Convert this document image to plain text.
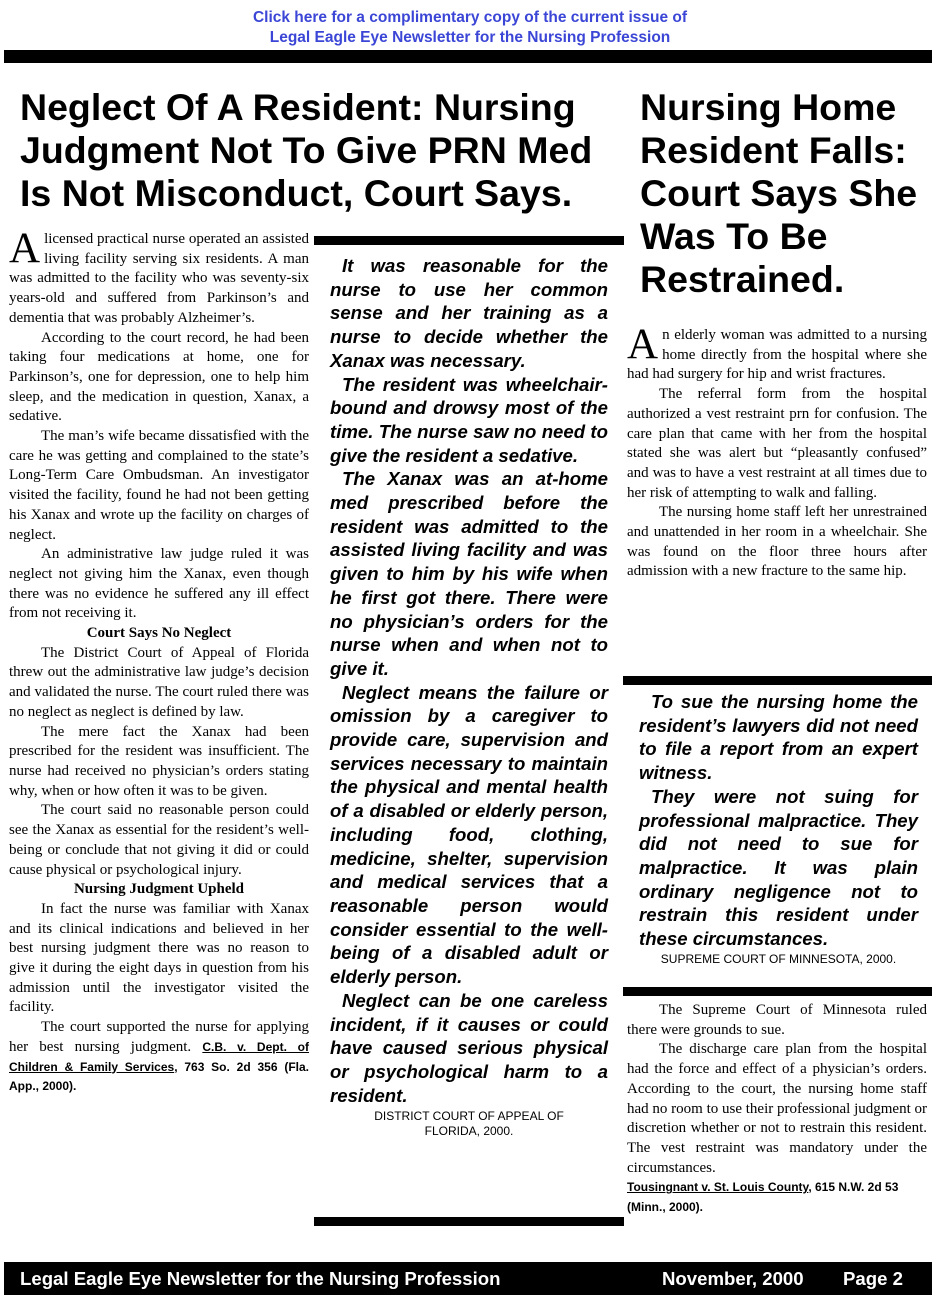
Click here for a complimentary copy of the current issue of
Legal Eagle Eye Newsletter for the Nursing Profession
Neglect Of A Resident: Nursing Judgment Not To Give PRN Med Is Not Misconduct, Court Says.
Nursing Home Resident Falls: Court Says She Was To Be Restrained.

Alicensed practical nurse operated an assisted living facility serving six residents. A man was admitted to the facility who was seventy-six years-old and suffered from Parkinson’s and dementia that was probably Alzheimer’s.

According to the court record, he had been taking four medications at home, one for Parkinson’s, one for depression, one to help him sleep, and the medication in question, Xanax, a sedative.

The man’s wife became dissatisfied with the care he was getting and complained to the state’s Long-Term Care Ombudsman. An investigator visited the facility, found he had not been getting his Xanax and wrote up the facility on charges of neglect.

An administrative law judge ruled it was neglect not giving him the Xanax, even though there was no evidence he suffered any ill effect from not receiving it.

Court Says No Neglect

The District Court of Appeal of Florida threw out the administrative law judge’s decision and validated the nurse. The court ruled there was no neglect as neglect is defined by law.

The mere fact the Xanax had been prescribed for the resident was insufficient. The nurse had received no physician’s orders stating why, when or how often it was to be given.

The court said no reasonable person could see the Xanax as essential for the resident’s well-being or conclude that not giving it did or could cause physical or psychological injury.

Nursing Judgment Upheld

In fact the nurse was familiar with Xanax and its clinical indications and believed in her best nursing judgment there was no reason to give it during the eight days in question from his admission until the investigator visited the facility.

The court supported the nurse for applying her best nursing judgment. C.B. v. Dept. of Children & Family Services, 763 So. 2d 356 (Fla. App., 2000).

It was reasonable for the nurse to use her common sense and her training as a nurse to decide whether the Xanax was necessary.

The resident was wheelchair-bound and drowsy most of the time. The nurse saw no need to give the resident a sedative.

The Xanax was an at-home med prescribed before the resident was admitted to the assisted living facility and was given to him by his wife when he first got there. There were no physician’s orders for the nurse when and when not to give it.

Neglect means the failure or omission by a caregiver to provide care, supervision and services necessary to maintain the physical and mental health of a disabled or elderly person, including food, clothing, medicine, shelter, supervision and medical services that a reasonable person would consider essential to the well-being of a disabled adult or elderly person.

Neglect can be one careless incident, if it causes or could have caused serious physical or psychological harm to a resident.

DISTRICT COURT OF APPEAL OF
FLORIDA, 2000.

An elderly woman was admitted to a nursing home directly from the hospital where she had had surgery for hip and wrist fractures.

The referral form from the hospital authorized a vest restraint prn for confusion. The care plan that came with her from the hospital stated she was alert but “pleasantly confused” and was to have a vest restraint at all times due to her risk of attempting to walk and falling.

The nursing home staff left her unrestrained and unattended in her room in a wheelchair. She was found on the floor three hours after admission with a new fracture to the same hip.

To sue the nursing home the resident’s lawyers did not need to file a report from an expert witness.

They were not suing for professional malpractice. They did not need to sue for malpractice. It was plain ordinary negligence not to restrain this resident under these circumstances.

SUPREME COURT OF MINNESOTA, 2000.

The Supreme Court of Minnesota ruled there were grounds to sue.

The discharge care plan from the hospital had the force and effect of a physician’s orders. According to the court, the nursing home staff had no room to use their professional judgment or discretion whether or not to restrain this resident. The vest restraint was mandatory under the circumstances.

Tousingnant v. St. Louis County, 615 N.W. 2d 53 (Minn., 2000).

Legal Eagle Eye Newsletter for the Nursing Profession	November, 2000 Page 2
